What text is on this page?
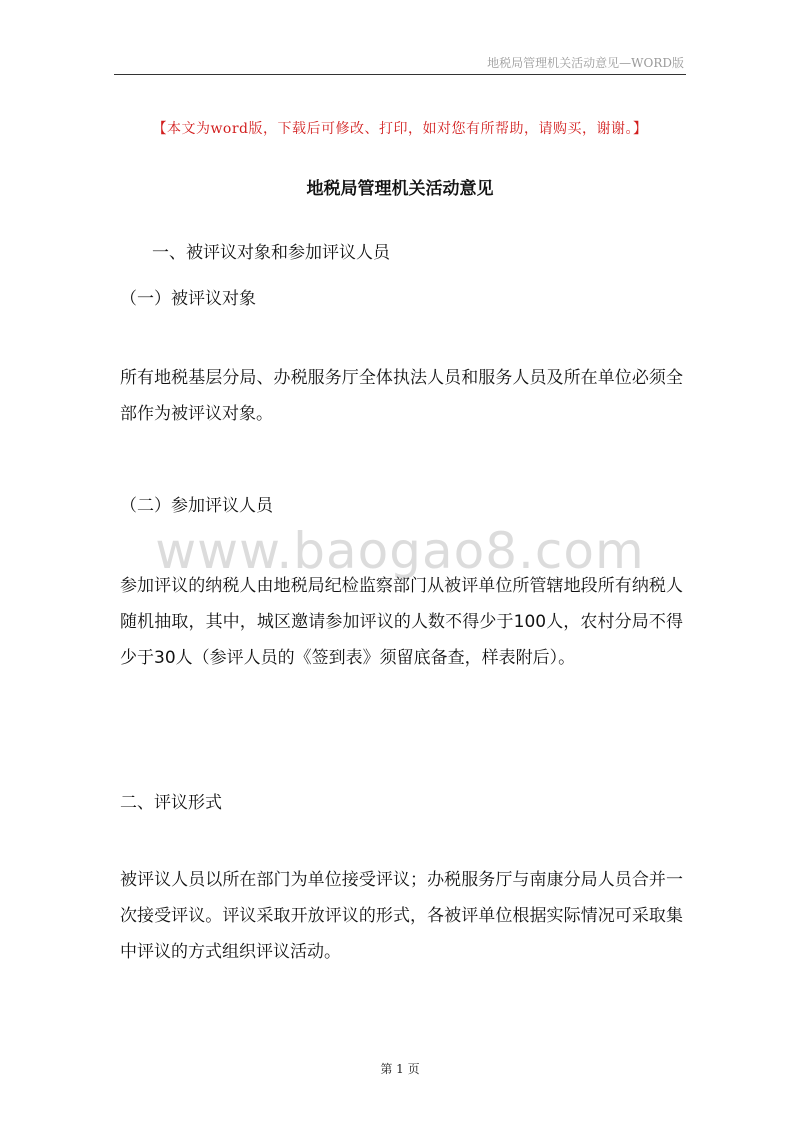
地税局管理机关活动意见—WORD版
【本文为word版，下载后可修改、打印，如对您有所帮助，请购买，谢谢。】
地税局管理机关活动意见
一、被评议对象和参加评议人员
（一）被评议对象
所有地税基层分局、办税服务厅全体执法人员和服务人员及所在单位必须全部作为被评议对象。
（二）参加评议人员
www.baogao8.com
参加评议的纳税人由地税局纪检监察部门从被评单位所管辖地段所有纳税人随机抽取，其中，城区邀请参加评议的人数不得少于100人，农村分局不得少于30人（参评人员的《签到表》须留底备查，样表附后）。
二、评议形式
被评议人员以所在部门为单位接受评议；办税服务厅与南康分局人员合并一次接受评议。评议采取开放评议的形式，各被评单位根据实际情况可采取集中评议的方式组织评议活动。
第 1 页
